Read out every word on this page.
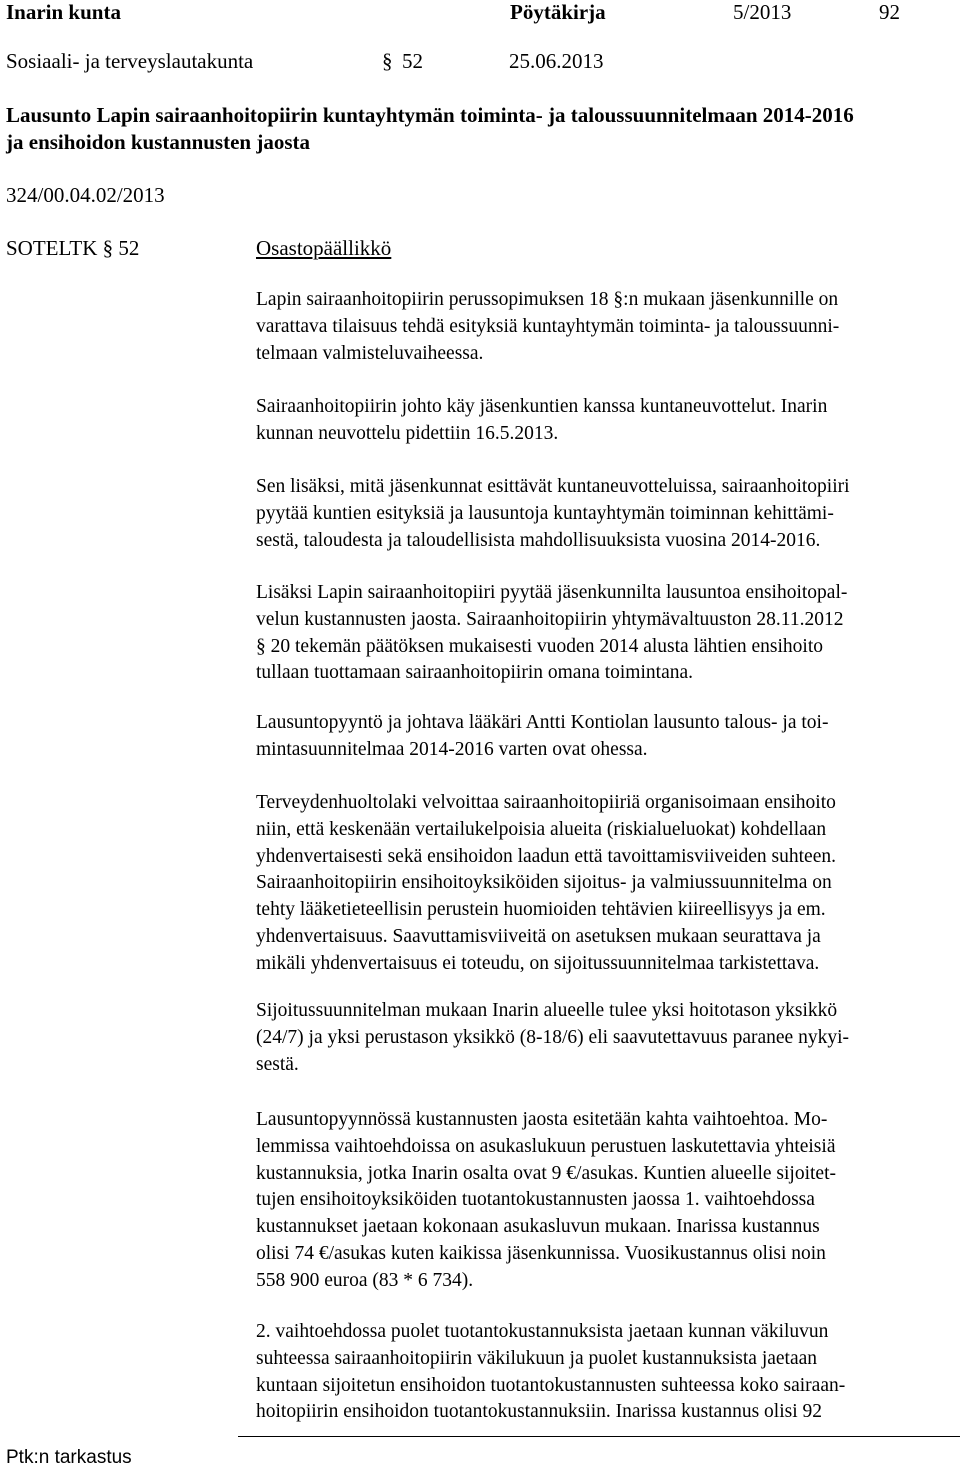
Inarin kunta	Pöytäkirja	5/2013	92
Sosiaali- ja terveyslautakunta	§ 52	25.06.2013
Lausunto Lapin sairaanhoitopiirin kuntayhtymän toiminta- ja taloussuunnitelmaan 2014-2016
ja ensihoidon kustannusten jaosta
324/00.04.02/2013
SOTELTK § 52	Osastopäällikkö
Lapin sairaanhoitopiirin perussopimuksen 18 §:n mukaan jäsenkunnille on
varattava tilaisuus tehdä esityksiä kuntayhtymän toiminta- ja taloussuunni-
telmaan valmisteluvaiheessa.
Sairaanhoitopiirin johto käy jäsenkuntien kanssa kuntaneuvottelut. Inarin
kunnan neuvottelu pidettiin 16.5.2013.
Sen lisäksi, mitä jäsenkunnat esittävät kuntaneuvotteluissa, sairaanhoitopiiri
pyytää kuntien esityksiä ja lausuntoja kuntayhtymän toiminnan kehittämi-
sestä, taloudesta ja taloudellisista mahdollisuuksista vuosina 2014-2016.
Lisäksi Lapin sairaanhoitopiiri pyytää jäsenkunnilta lausuntoa ensihoitopal-
velun kustannusten jaosta. Sairaanhoitopiirin yhtymävaltuuston 28.11.2012
§ 20 tekemän päätöksen mukaisesti vuoden 2014 alusta lähtien ensihoito
tullaan tuottamaan sairaanhoitopiirin omana toimintana.
Lausuntopyyntö ja johtava lääkäri Antti Kontiolan lausunto talous- ja toi-
mintasuunnitelmaa 2014-2016 varten ovat ohessa.
Terveydenhuoltolaki velvoittaa sairaanhoitopiiriä organisoimaan ensihoito
niin, että keskenään vertailukelpoisia alueita (riskialueluokat) kohdellaan
yhdenvertaisesti sekä ensihoidon laadun että tavoittamisviiveiden suhteen.
Sairaanhoitopiirin ensihoitoyksiköiden sijoitus- ja valmiussuunnitelma on
tehty lääketieteellisin perustein huomioiden tehtävien kiireellisyys ja em.
yhdenvertaisuus. Saavuttamisviiveitä on asetuksen mukaan seurattava ja
mikäli yhdenvertaisuus ei toteudu, on sijoitussuunnitelmaa tarkistettava.
Sijoitussuunnitelman mukaan Inarin alueelle tulee yksi hoitotason yksikkö
(24/7) ja yksi perustason yksikkö (8-18/6) eli saavutettavuus paranee nykyi-
sestä.
Lausuntopyynnössä kustannusten jaosta esitetään kahta vaihtoehtoa. Mo-
lemmissa vaihtoehdoissa on asukaslukuun perustuen laskutettavia yhteisiä
kustannuksia, jotka Inarin osalta ovat 9 €/asukas. Kuntien alueelle sijoitet-
tujen ensihoitoyksiköiden tuotantokustannusten jaossa 1. vaihtoehdossa
kustannukset jaetaan kokonaan asukasluvun mukaan. Inarissa kustannus
olisi 74 €/asukas kuten kaikissa jäsenkunnissa. Vuosikustannus olisi noin
558 900 euroa (83 * 6 734).
2. vaihtoehdossa puolet tuotantokustannuksista jaetaan kunnan väkiluvun
suhteessa sairaanhoitopiirin väkilukuun ja puolet kustannuksista jaetaan
kuntaan sijoitetun ensihoidon tuotantokustannusten suhteessa koko sairaan-
hoitopiirin ensihoidon tuotantokustannuksiin. Inarissa kustannus olisi 92
Ptk:n tarkastus
